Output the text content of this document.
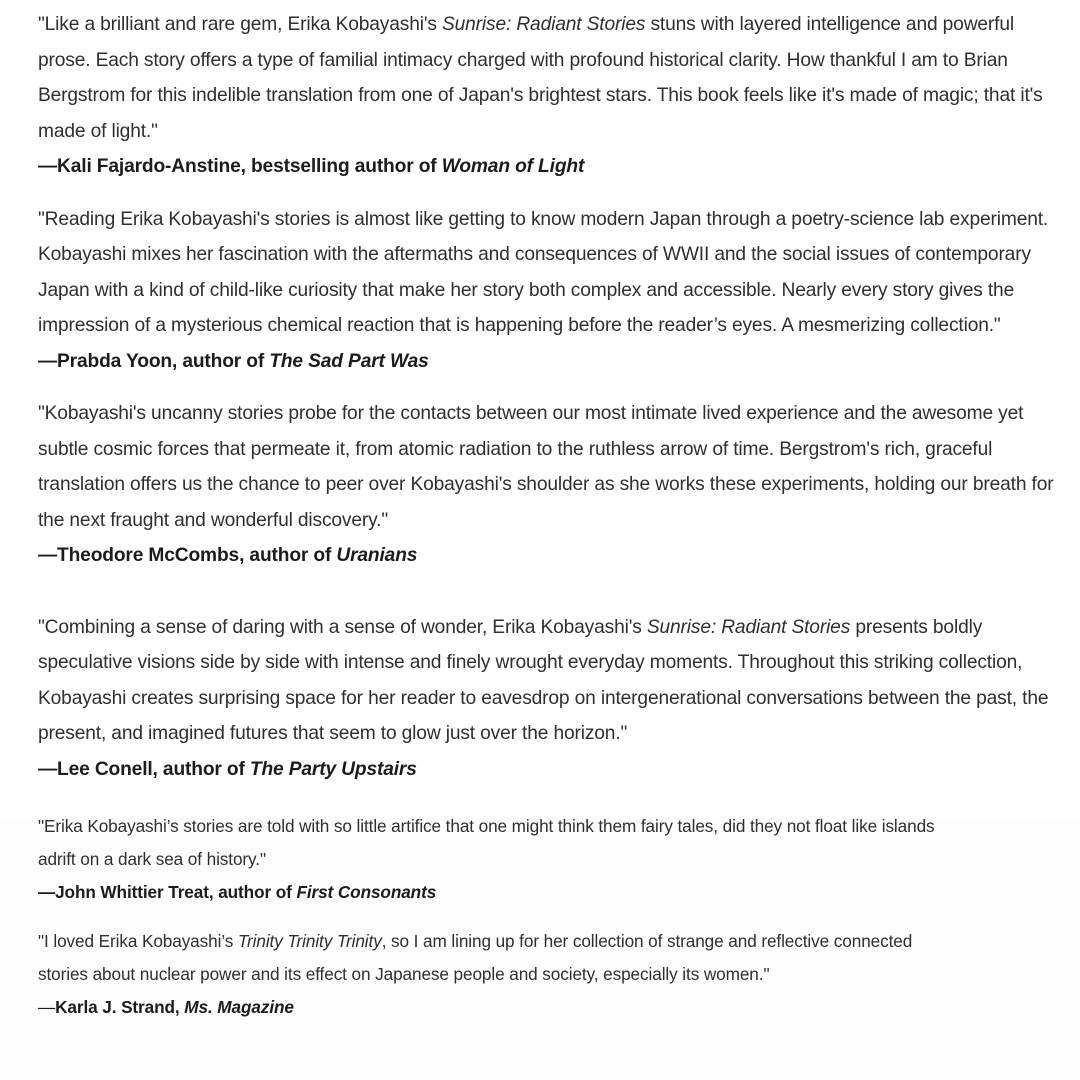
"Like a brilliant and rare gem, Erika Kobayashi's Sunrise: Radiant Stories stuns with layered intelligence and powerful prose. Each story offers a type of familial intimacy charged with profound historical clarity. How thankful I am to Brian Bergstrom for this indelible translation from one of Japan's brightest stars. This book feels like it's made of magic; that it's made of light."
—Kali Fajardo-Anstine, bestselling author of Woman of Light
"Reading Erika Kobayashi's stories is almost like getting to know modern Japan through a poetry-science lab experiment. Kobayashi mixes her fascination with the aftermaths and consequences of WWII and the social issues of contemporary Japan with a kind of child-like curiosity that make her story both complex and accessible. Nearly every story gives the impression of a mysterious chemical reaction that is happening before the reader’s eyes. A mesmerizing collection."
—Prabda Yoon, author of The Sad Part Was
"Kobayashi's uncanny stories probe for the contacts between our most intimate lived experience and the awesome yet subtle cosmic forces that permeate it, from atomic radiation to the ruthless arrow of time. Bergstrom's rich, graceful translation offers us the chance to peer over Kobayashi's shoulder as she works these experiments, holding our breath for the next fraught and wonderful discovery."
—Theodore McCombs, author of Uranians
"Combining a sense of daring with a sense of wonder, Erika Kobayashi's Sunrise: Radiant Stories presents boldly speculative visions side by side with intense and finely wrought everyday moments. Throughout this striking collection, Kobayashi creates surprising space for her reader to eavesdrop on intergenerational conversations between the past, the present, and imagined futures that seem to glow just over the horizon."
—Lee Conell, author of The Party Upstairs
"Erika Kobayashi’s stories are told with so little artifice that one might think them fairy tales, did they not float like islands adrift on a dark sea of history."
—John Whittier Treat, author of First Consonants
"I loved Erika Kobayashi’s Trinity Trinity Trinity, so I am lining up for her collection of strange and reflective connected stories about nuclear power and its effect on Japanese people and society, especially its women."
—Karla J. Strand, Ms. Magazine
